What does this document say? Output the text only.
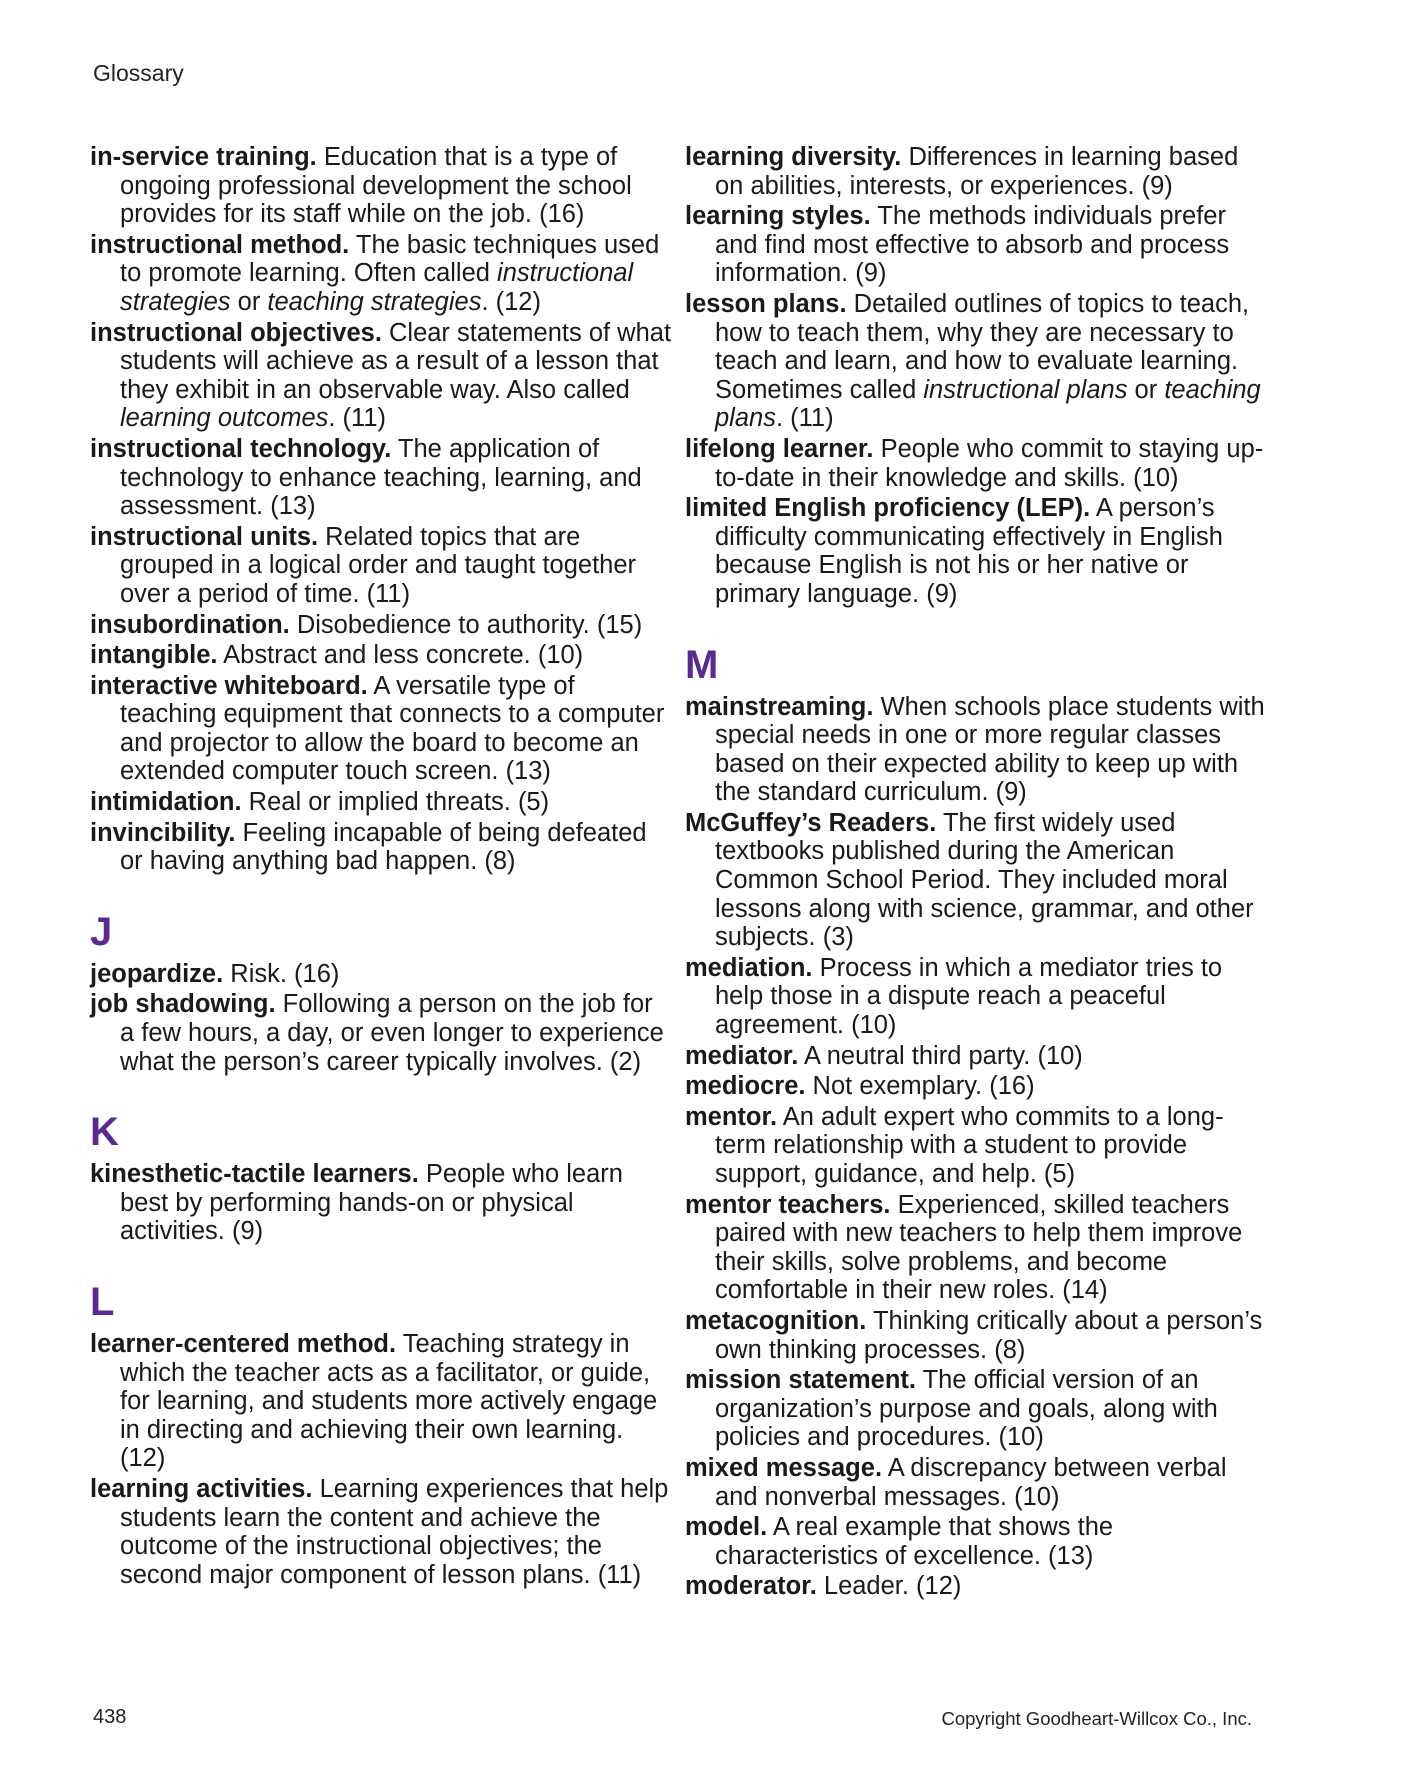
Glossary
in-service training. Education that is a type of ongoing professional development the school provides for its staff while on the job. (16)
instructional method. The basic techniques used to promote learning. Often called instructional strategies or teaching strategies. (12)
instructional objectives. Clear statements of what students will achieve as a result of a lesson that they exhibit in an observable way. Also called learning outcomes. (11)
instructional technology. The application of technology to enhance teaching, learning, and assessment. (13)
instructional units. Related topics that are grouped in a logical order and taught together over a period of time. (11)
insubordination. Disobedience to authority. (15)
intangible. Abstract and less concrete. (10)
interactive whiteboard. A versatile type of teaching equipment that connects to a computer and projector to allow the board to become an extended computer touch screen. (13)
intimidation. Real or implied threats. (5)
invincibility. Feeling incapable of being defeated or having anything bad happen. (8)
J
jeopardize. Risk. (16)
job shadowing. Following a person on the job for a few hours, a day, or even longer to experience what the person’s career typically involves. (2)
K
kinesthetic-tactile learners. People who learn best by performing hands-on or physical activities. (9)
L
learner-centered method. Teaching strategy in which the teacher acts as a facilitator, or guide, for learning, and students more actively engage in directing and achieving their own learning. (12)
learning activities. Learning experiences that help students learn the content and achieve the outcome of the instructional objectives; the second major component of lesson plans. (11)
learning diversity. Differences in learning based on abilities, interests, or experiences. (9)
learning styles. The methods individuals prefer and find most effective to absorb and process information. (9)
lesson plans. Detailed outlines of topics to teach, how to teach them, why they are necessary to teach and learn, and how to evaluate learning. Sometimes called instructional plans or teaching plans. (11)
lifelong learner. People who commit to staying up-to-date in their knowledge and skills. (10)
limited English proficiency (LEP). A person’s difficulty communicating effectively in English because English is not his or her native or primary language. (9)
M
mainstreaming. When schools place students with special needs in one or more regular classes based on their expected ability to keep up with the standard curriculum. (9)
McGuffey’s Readers. The first widely used textbooks published during the American Common School Period. They included moral lessons along with science, grammar, and other subjects. (3)
mediation. Process in which a mediator tries to help those in a dispute reach a peaceful agreement. (10)
mediator. A neutral third party. (10)
mediocre. Not exemplary. (16)
mentor. An adult expert who commits to a long-term relationship with a student to provide support, guidance, and help. (5)
mentor teachers. Experienced, skilled teachers paired with new teachers to help them improve their skills, solve problems, and become comfortable in their new roles. (14)
metacognition. Thinking critically about a person’s own thinking processes. (8)
mission statement. The official version of an organization’s purpose and goals, along with policies and procedures. (10)
mixed message. A discrepancy between verbal and nonverbal messages. (10)
model. A real example that shows the characteristics of excellence. (13)
moderator. Leader. (12)
438	Copyright Goodheart-Willcox Co., Inc.
